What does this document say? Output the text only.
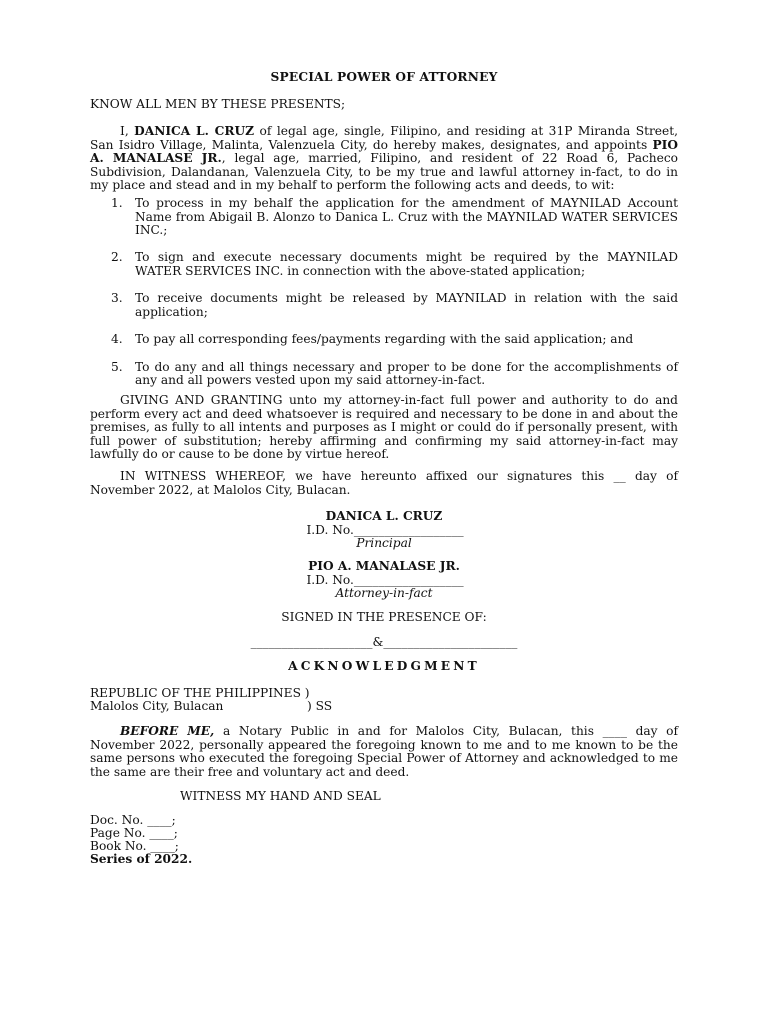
SPECIAL POWER OF ATTORNEY
KNOW ALL MEN BY THESE PRESENTS;
I, DANICA L. CRUZ of legal age, single, Filipino, and residing at 31P Miranda Street, San Isidro Village, Malinta, Valenzuela City, do hereby makes, designates, and appoints PIO A. MANALASE JR., legal age, married, Filipino, and resident of 22 Road 6, Pacheco Subdivision, Dalandanan, Valenzuela City, to be my true and lawful attorney in-fact, to do in my place and stead and in my behalf to perform the following acts and deeds, to wit:
1. To process in my behalf the application for the amendment of MAYNILAD Account Name from Abigail B. Alonzo to Danica L. Cruz with the MAYNILAD WATER SERVICES INC.;
2. To sign and execute necessary documents might be required by the MAYNILAD WATER SERVICES INC. in connection with the above-stated application;
3. To receive documents might be released by MAYNILAD in relation with the said application;
4. To pay all corresponding fees/payments regarding with the said application; and
5. To do any and all things necessary and proper to be done for the accomplishments of any and all powers vested upon my said attorney-in-fact.
GIVING AND GRANTING unto my attorney-in-fact full power and authority to do and perform every act and deed whatsoever is required and necessary to be done in and about the premises, as fully to all intents and purposes as I might or could do if personally present, with full power of substitution; hereby affirming and confirming my said attorney-in-fact may lawfully do or cause to be done by virtue hereof.
IN WITNESS WHEREOF, we have hereunto affixed our signatures this __ day of November 2022, at Malolos City, Bulacan.
DANICA L. CRUZ
I.D. No.__________________
Principal
PIO A. MANALASE JR.
I.D. No.__________________
Attorney-in-fact
SIGNED IN THE PRESENCE OF:
____________________&______________________
ACKNOWLEDGMENT
REPUBLIC OF THE PHILIPPINES )
Malolos City, Bulacan	) SS
BEFORE ME, a Notary Public in and for Malolos City, Bulacan, this ____ day of November 2022, personally appeared the foregoing known to me and to me known to be the same persons who executed the foregoing Special Power of Attorney and acknowledged to me the same are their free and voluntary act and deed.
WITNESS MY HAND AND SEAL
Doc. No. ____;
Page No. ____;
Book No. ____;
Series of 2022.
